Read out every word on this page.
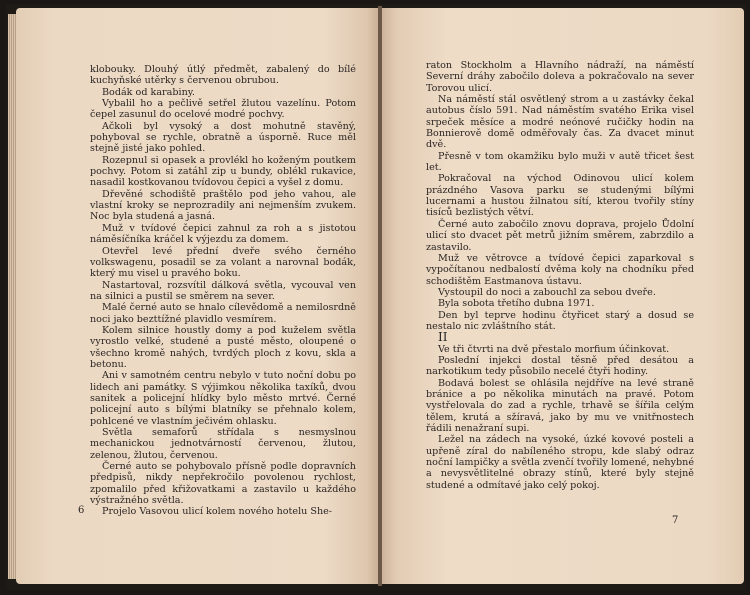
klobouky. Dlouhý útlý předmět, zabalený do bílé kuchyňské utěrky s červenou obrubou.

Bodák od karabiny.

Vybalil ho a pečlivě setřel žlutou vazelínu. Potom čepel zasunul do ocelové modré pochvy.

Ačkoli byl vysoký a dost mohutně stavěný, pohyboval se rychle, obratně a úsporně. Ruce měl stejně jisté jako pohled.

Rozepnul si opasek a provlékl ho koženým poutkem pochvy. Potom si zatáhl zip u bundy, oblékl rukavice, nasadil kostkovanou tvídovou čepici a vyšel z domu.

Dřevěné schodiště praštělo pod jeho vahou, ale vlastní kroky se neprozradily ani nejmenším zvukem. Noc byla studená a jasná.

Muž v tvídové čepici zahnul za roh a s jistotou náměsíčníka kráčel k výjezdu za domem.

Otevřel levé přední dveře svého černého volkswagenu, posadil se za volant a narovnal bodák, který mu visel u pravého boku.

Nastartoval, rozsvítil dálková světla, vycouval ven na silnici a pustil se směrem na sever.

Malé černé auto se hnalo cílevědomě a nemilosrdně noci jako bezttížné plavidlo vesmírem.

Kolem silnice houstly domy a pod kuželem světla vyrostlo velké, studené a pusté město, oloupené o všechno kromě nahých, tvrdých ploch z kovu, skla a betonu.

Ani v samotném centru nebylo v tuto noční dobu po lidech ani památky. S výjimkou několika taxíků, dvou sanitek a policejní hlídky bylo město mrtvé. Černé policejní auto s bílými blatníky se přehnalo kolem, pohlcené ve vlastním ječivém ohlasku.

Světla semaforů střídala s nesmyslnou mechanickou jednotvárností červenou, žlutou, zelenou, žlutou, červenou.

Černé auto se pohybovalo přísně podle dopravních předpisů, nikdy nepřekročilo povolenou rychlost, zpomalilo před křižovatkami a zastavilo u každého výstražného světla.

Projelo Vasovou ulicí kolem nového hotelu She-

6

raton Stockholm a Hlavního nádraží, na náměstí Severní dráhy zabočilo doleva a pokračovalo na sever Torovou ulicí.

Na náměstí stál osvětlený strom a u zastávky čekal autobus číslo 591. Nad náměstím svatého Erika visel srpeček měsíce a modré neónové ručičky hodin na Bonnierově domě odměřovaly čas. Za dvacet minut dvě.

Přesně v tom okamžiku bylo muži v autě třicet šest let.

Pokračoval na východ Odinovou ulicí kolem prázdného Vasova parku se studenými bílými lucernami a hustou žilnatou sítí, kterou tvořily stíny tisíců bezlistých větví.

Černé auto zabočilo znovu doprava, projelo Ůdolní ulicí sto dvacet pět metrů jižním směrem, zabrzdilo a zastavilo.

Muž ve větrovce a tvídové čepici zaparkoval s vypočítanou nedbalostí dvěma koly na chodníku před schodištěm Eastmanova ústavu.

Vystoupil do noci a zabouchl za sebou dveře.

Byla sobota třetího dubna 1971.

Den byl teprve hodinu čtyřicet starý a dosud se nestalo nic zvláštního stát.

II

Ve tři čtvrti na dvě přestalo morfium účinkovat.

Poslední injekci dostal těsně před desátou a narkotikum tedy působilo necelé čtyři hodiny.

Bodavá bolest se ohlásila nejdříve na levé straně bránice a po několika minutách na pravé. Potom vystřelovala do zad a rychle, trhavě se šířila celým tělem, krutá a sžíravá, jako by mu ve vnitřnostech řádili nenažraní supi.

Ležel na zádech na vysoké, úzké kovové posteli a upřeně zíral do nabíleného stropu, kde slabý odraz noční lampičky a světla zvenčí tvořily lomené, nehybné a nevysvětlitelné obrazy stínů, které byly stejně studené a odmítavé jako celý pokoj.

7
